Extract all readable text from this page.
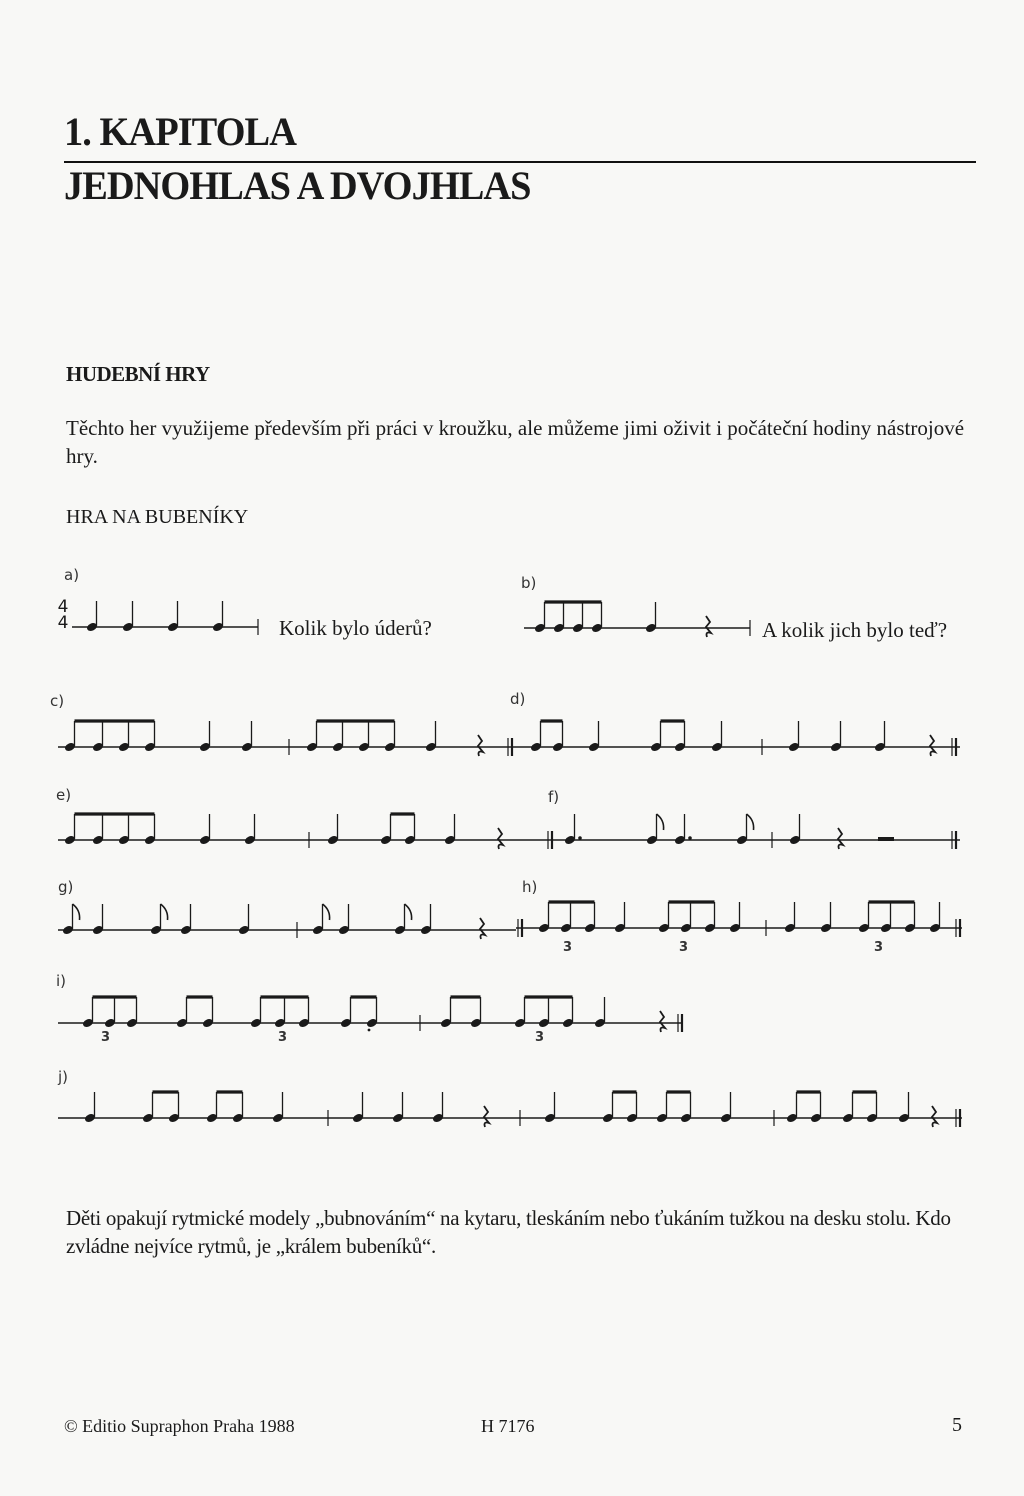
1. KAPITOLA
JEDNOHLAS A DVOJHLAS
HUDEBNÍ HRY
Těchto her využijeme především při práci v kroužku, ale můžeme jimi oživit i počáteční hodiny nástrojové hry.
HRA NA BUBENÍKY
a)	b)
c)	d)
e)	f)
g)	h)
i)
j)
4
4	Kolik bylo úderů?	A kolik jich bylo teď?
3	3	3
3	3	3
Děti opakují rytmické modely „bubnováním“ na kytaru, tleskáním nebo ťukáním tužkou na desku stolu. Kdo zvládne nejvíce rytmů, je „králem bubeníků“.
© Editio Supraphon Praha 1988	H 7176	5
